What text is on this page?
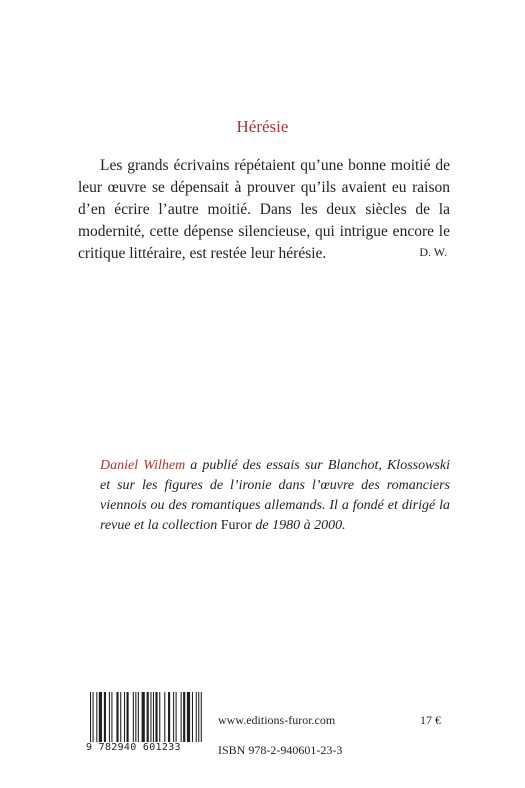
Hérésie

Les grands écrivains répétaient qu’une bonne moitié de leur œuvre se dépensait à prouver qu’ils avaient eu raison d’en écrire l’autre moitié. Dans les deux siècles de la modernité, cette dépense silencieuse, qui intrigue encore le critique littéraire, est restée leur hérésie.	D. W.

Daniel Wilhem a publié des essais sur Blanchot, Klossowski et sur les figures de l’ironie dans l’œuvre des romanciers viennois ou des romantiques allemands. Il a fondé et dirigé la revue et la collection Furor de 1980 à 2000.

9 782940 601233
www.editions-furor.com	17 €
ISBN 978-2-940601-23-3
